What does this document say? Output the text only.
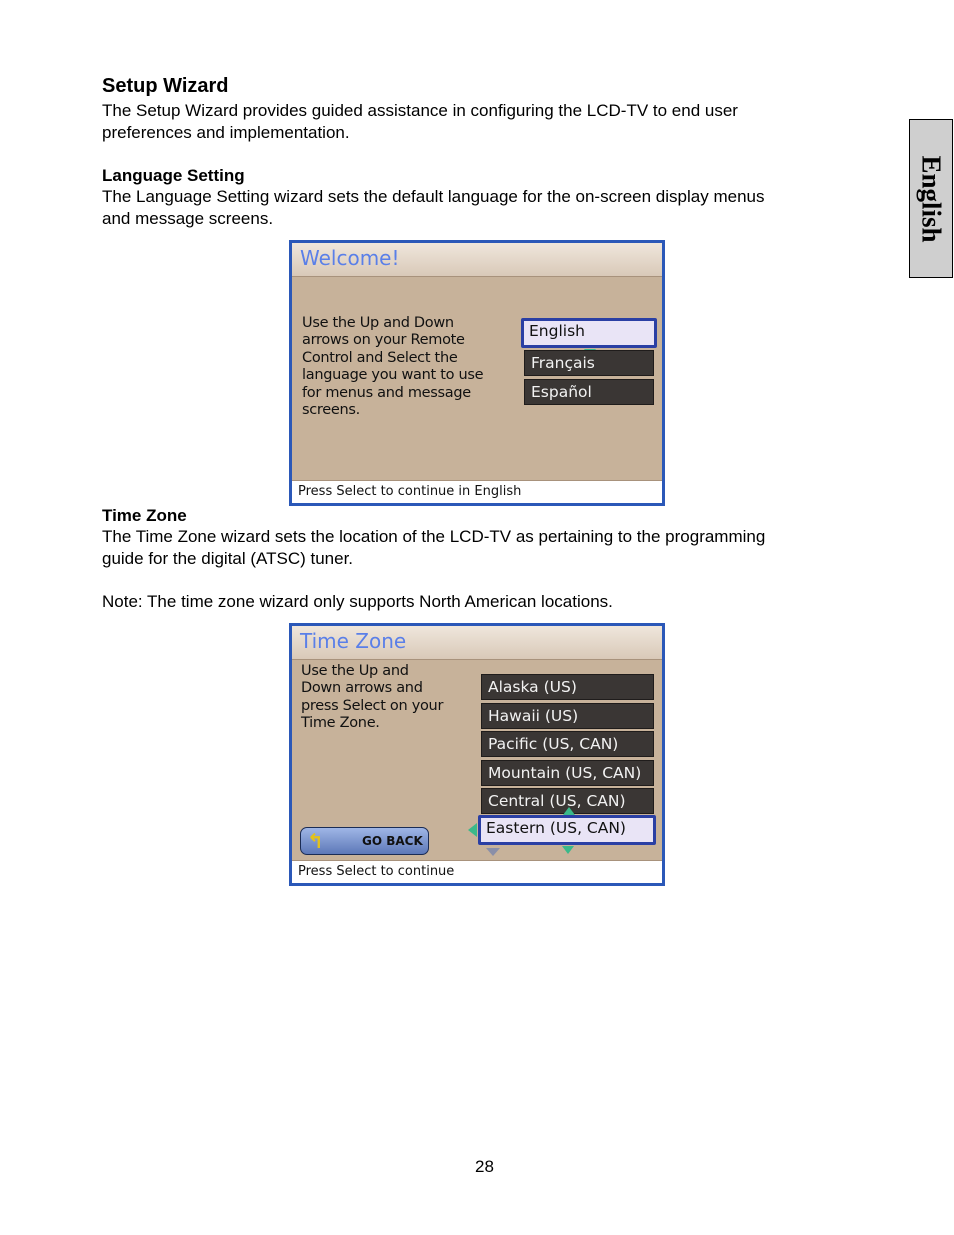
English
Setup Wizard
The Setup Wizard provides guided assistance in configuring the LCD-TV to end user
preferences and implementation.
Language Setting
The Language Setting wizard sets the default language for the on-screen display menus
and message screens.
Welcome!
Use the Up and Down
arrows on your Remote
Control and Select the
language you want to use
for menus and message
screens.
English
Français
Español
Press Select to continue in English
Time Zone
The Time Zone wizard sets the location of the LCD-TV as pertaining to the programming
guide for the digital (ATSC) tuner.
Note: The time zone wizard only supports North American locations.
Time Zone
Use the Up and
Down arrows and
press Select on your
Time Zone.
Alaska (US)
Hawaii (US)
Pacific (US, CAN)
Mountain (US, CAN)
Central (US, CAN)
Eastern (US, CAN)
↰	GO BACK
Press Select to continue
28
